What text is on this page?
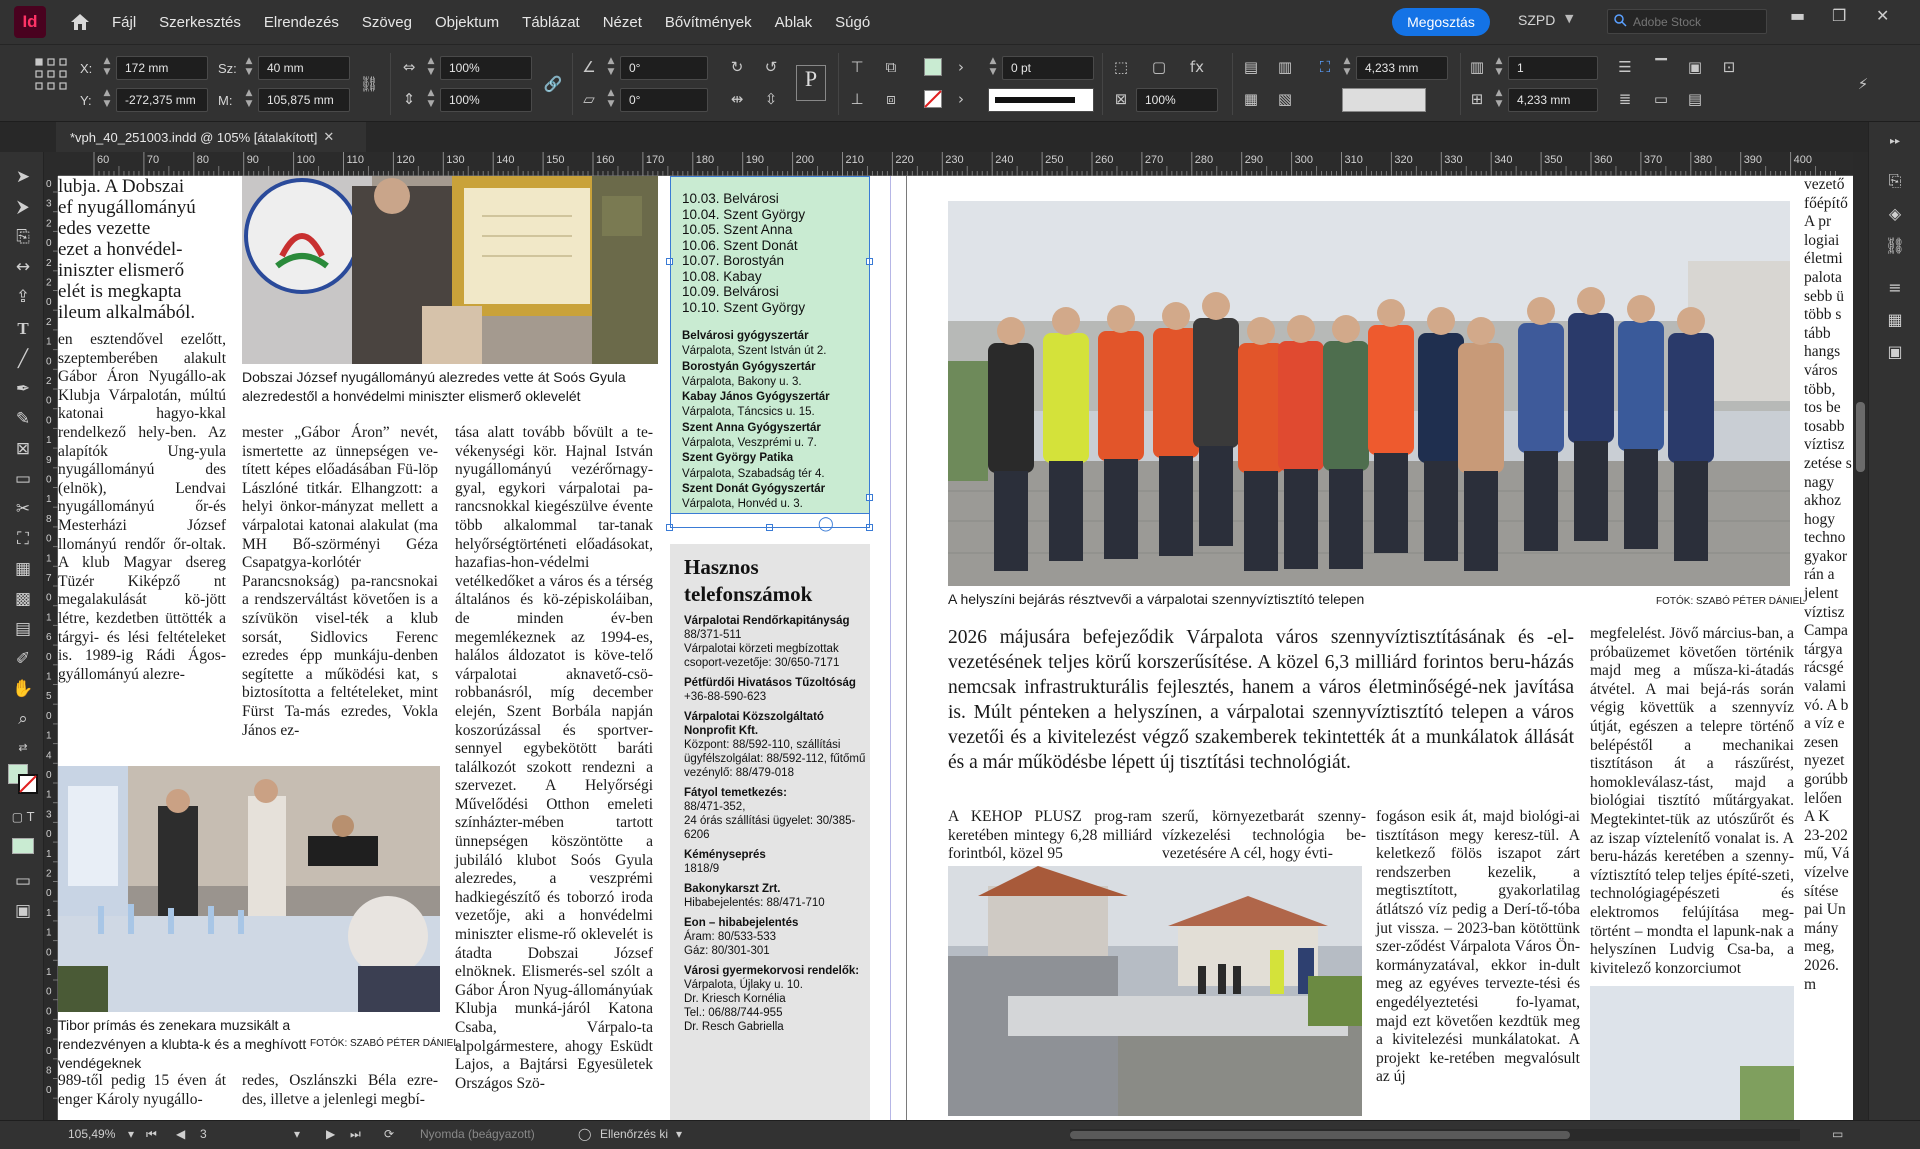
Id	Fájl Szerkesztés Elrendezés Szöveg Objektum Táblázat Nézet Bővítmények Ablak Súgó	Megosztás	SZPD ▼
Adobe Stock	▬ ❐ ✕
X:	▲
▼	172 mm
Y:	▲
▼	-272,375 mm
Sz: ▲
▼	40 mm
M:	▲
▼	105,875 mm
⛓
⇔	▲
▼	100%
⇕	▲
▼	100%
🔗
∠	▲
▼	0°
▱	▲
▼	0°
↻	↺
⇹	⇳
P	⊤	⧉
⊥	⧈
›
›
▲
▼	0 pt	⬚ ▢ fx
⊠	100%
▤ ▥
▦ ▧
⛶	▲
▼	4,233 mm	▥	▲
▼	1
⊞	▲
▼	4,233 mm
☰	▔	▣	⊡
≣	▭ ▤
⚡
*vph_40_251003.indd @ 105% [átalakított] ✕
➤
⮞
⎘
↔
⇪
T
╱
✒
✎
⊠
▭
✂
⛶
▦
▩
▤
✐
✋
⌕
⇄
▢ T
▭
▣
60	70	80	90	100	110	120	130	140	150	160	170	180	190	200	210	220	230	240	250	260	270	280	290	300	310	320	330	340	350	360	370	380	390	400
0
3
2
0
2
2
0
2
1
0
2
0
0
1
9
0
1
8
0
1
7
0
1
6
0
1
5
0
1
4
0
1
3
0
1
2
0
1
1
0
1
0
0
9
0
8
0
lubja. A Dobszai
ef nyugállományú
edes vezette
ezet a honvédel-
iniszter elismerő
elét is megkapta
ileum alkalmából.
Dobszai József nyugállományú alezredes vette át Soós Gyula alezredestől a honvédelmi miniszter elismerő oklevelét
en esztendővel ezelőtt, szeptemberében alakult Gábor Áron Nyugállo-ak Klubja Várpalotán, múltú katonai hagyo-kkal rendelkező hely-ben. Az alapítók Ung-yula nyugállományú des (elnök), Lendvai nyugállományú őr-és Mesterházi József llományú rendőr őr-oltak. A klub Magyar dsereg Tüzér Kiképző nt megalakulását kö-jött létre, kezdetben üttötték a tárgyi- és lési feltételeket is. 1989-ig Rádi Ágos-gyállományú alezre-
mester „Gábor Áron” nevét, ismertette az ünnepségen ve-tített képes előadásában Fü-löp Lászlóné titkár. Elhangzott: a helyi önkor-mányzat mellett a várpalotai katonai alakulat (ma MH Bő-szörményi Géza Csapatgya-korlótér Parancsnokság) pa-rancsnokai a rendszerváltást követően is a szívükön visel-ték a klub sorsát, Sidlovics Ferenc ezredes épp munkáju-denben segítette a működési kat, s biztosította a feltételeket, mint Fürst Ta-más ezredes, Vokla János ez-
tása alatt tovább bővült a te-vékenységi kör. Hajnal István nyugállományú vezérőrnagy-gyal, egykori várpalotai pa-rancsnokkal kiegészülve évente több alkalommal tar-tanak helyőrségtörténeti előadásokat, hazafias-hon-védelmi vetélkedőket a város és a térség általános és kö-zépiskoláiban, de minden év-ben megemlékeznek az 1994-es, halálos áldozatot is köve-telő várpalotai aknavető-csö-robbanásról, míg december elején, Szent Borbála napján koszorúzással és sportver-sennyel egybekötött baráti találkozót szokott rendezni a szervezet. A Helyőrségi Művelődési Otthon emeleti színházter-mében tartott ünnepségen köszöntötte a jubiláló klubot Soós Gyula alezredes, a veszprémi hadkiegészítő és toborzó iroda vezetője, aki a honvédelmi miniszter elisme-rő oklevelét is átadta Dobszai József elnöknek. Elismerés-sel szólt a Gábor Áron Nyug-állományúak Klubja munká-járól Katona Csaba, Várpalo-ta alpolgármestere, ahogy Esküdt Lajos, a Bajtársi Egyesületek Országos Szö-
Tibor prímás és zenekara muzsikált a rendezvényen a klubta-k és a meghívott vendégeknek
FOTÓK: SZABÓ PÉTER DÁNIEL
989-től pedig 15 éven át enger Károly nyugállo-
redes, Oszlánszki Béla ezre-des, illetve a jelenlegi megbí-
10.03. Belvárosi
10.04. Szent György
10.05. Szent Anna
10.06. Szent Donát
10.07. Borostyán
10.08. Kabay
10.09. Belvárosi
10.10. Szent György
Belvárosi gyógyszertár
Várpalota, Szent István út 2.
Borostyán Gyógyszertár
Várpalota, Bakony u. 3.
Kabay János Gyógyszertár
Várpalota, Táncsics u. 15.
Szent Anna Gyógyszertár
Várpalota, Veszprémi u. 7.
Szent György Patika
Várpalota, Szabadság tér 4.
Szent Donát Gyógyszertár
Várpalota, Honvéd u. 3.
◯
Hasznos telefonszámok
Várpalotai Rendőrkapitányság
88/371-511
Várpalotai körzeti megbízottak csoport-vezetője: 30/650-7171
Pétfürdői Hivatásos Tűzoltóság
+36-88-590-623
Várpalotai Közszolgáltató Nonprofit Kft.
Központ: 88/592-110, szállítási ügyfélszolgálat: 88/592-112, fűtőmű vezénylő: 88/479-018
Fátyol temetkezés:
88/471-352,
24 órás szállítási ügyelet: 30/385-6206
Kéményseprés
1818/9
Bakonykarszt Zrt.
Hibabejelentés: 88/471-710
Eon – hibabejelentés
Áram: 80/533-533
Gáz: 80/301-301
Városi gyermekorvosi rendelők:
Várpalota, Újlaky u. 10.
Dr. Kriesch Kornélia
Tel.: 06/88/744-955
Dr. Resch Gabriella
A helyszíni bejárás résztvevői a várpalotai szennyvíztisztító telepen	FOTÓK: SZABÓ PÉTER DÁNIEL
2026 májusára befejeződik Várpalota város szennyvíztisztításának és -el-vezetésének teljes körű korszerűsítése. A közel 6,3 milliárd forintos beru-házás nemcsak infrastrukturális fejlesztés, hanem a város életminőségé-nek javítása is. Múlt pénteken a helyszínen, a várpalotai szennyvíztisztító telepen a város vezetői és a kivitelezést végző szakemberek tekintették át a munkálatok állását és a már működésbe lépett új tisztítási technológiát.
A KEHOP PLUSZ prog-ram keretében mintegy 6,28 milliárd forintból, közel 95
szerű, környezetbarát szenny-vízkezelési technológia be-vezetésére A cél, hogy évti-
fogáson esik át, majd biológi-ai tisztításon megy keresz-tül. A keletkező fölös iszapot zárt rendszerben kezelik, a megtisztított, gyakorlatilag átlátszó víz pedig a Derí-tő-tóba jut vissza. – 2023-ban kötöttünk szer-ződést Várpalota Város Ön-kormányzatával, ekkor in-dult meg az egyéves tervezte-tési és engedélyeztetési fo-lyamat, majd ezt követően kezdtük meg a kivitelezési munkálatokat. A projekt ke-retében megvalósult az új
megfelelést. Jövő március-ban, a próbaüzemet követően történik majd meg a műsza-ki-átadás átvétel. A mai bejá-rás során végig követtük a szennyvíz útját, egészen a telepre történő belépéstől a mechanikai tisztításon át a rászűrést, homokleválasz-tást, majd a biológiai tisztító műtárgyakat. Megtekintet-tük az utószűrőt és az iszap víztelenítő vonalat is. A beru-házás keretében a szenny-víztisztító telep teljes építé-szeti, technológiagépészeti és elektromos felújítása meg-történt – mondta el lapunk-nak a helyszínen Ludvig Csa-ba, a kivitelező konzorciumot
vezető főépítő A pr logiai életmi palota sebb ü több s tább hangs város több, tos be tosabb víztisz zetése s nagy akhoz hogy techno gyakor rán a jelent víztisz Campa tárgya rácsgé valami vó. A b a víz e zesen nyezet gorúbb lelően A K 23-202 mű, Vá vízelve sítése pai Un mány meg, 2026. m
▸▸
⎘
◈
⛓
≡
▦
▣
105,49% ▾ ⏮ ◀ 3	▾ ▶ ⏭ ⟳ Nyomda (beágyazott)	◯ Ellenőrzés ki ▾	▭
